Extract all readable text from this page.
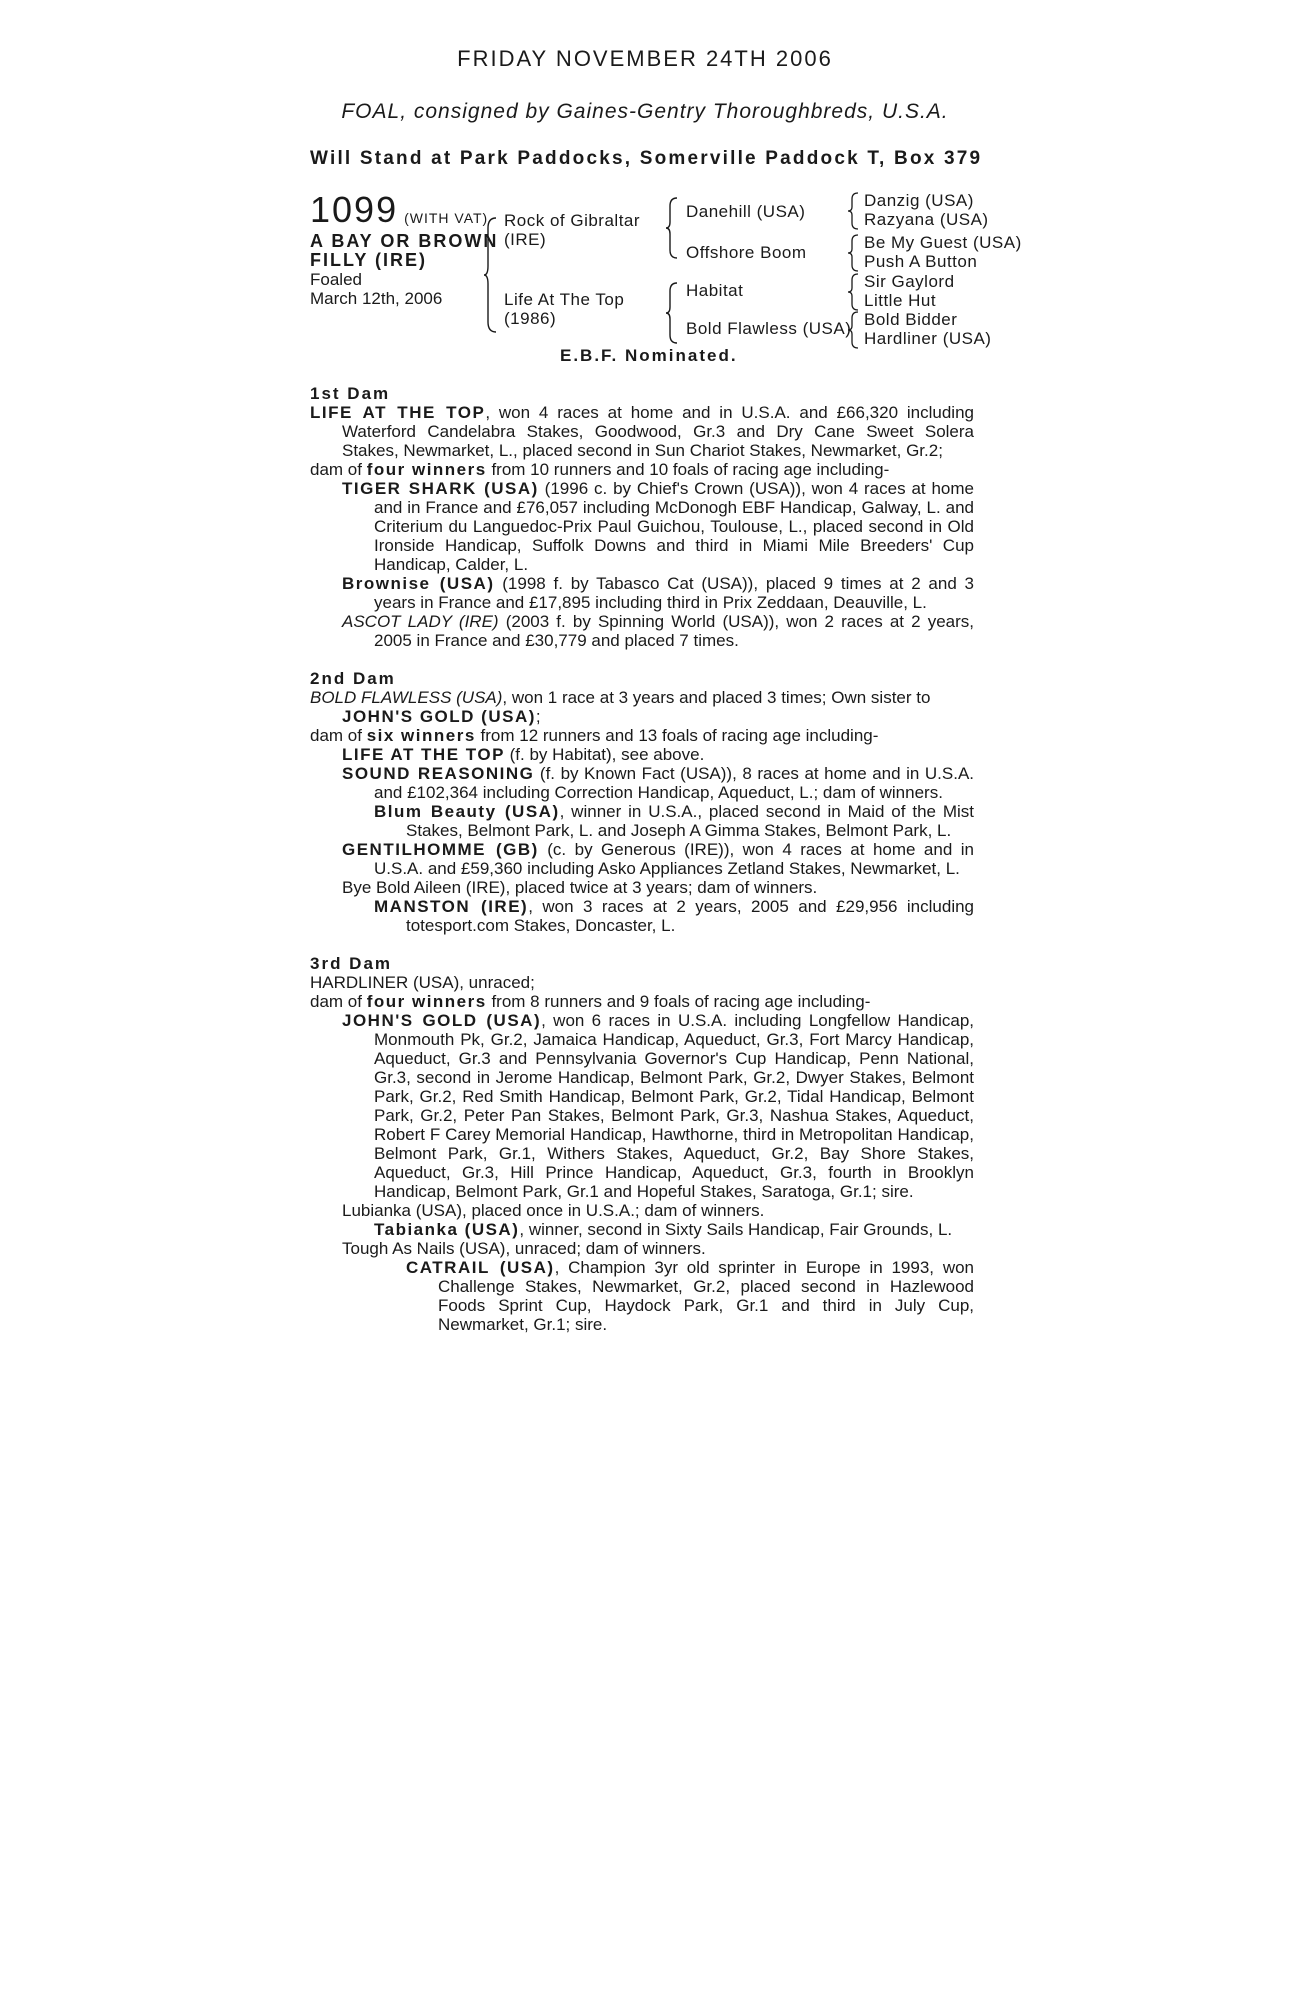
FRIDAY NOVEMBER 24TH 2006
FOAL, consigned by Gaines-Gentry Thoroughbreds, U.S.A.
Will Stand at Park Paddocks, Somerville Paddock T, Box 379
1099 (WITH VAT)
A BAY OR BROWN
FILLY (IRE)
Foaled
March 12th, 2006
Rock of Gibraltar
(IRE)
Life At The Top
(1986)
Danehill (USA)
Offshore Boom
Habitat
Bold Flawless (USA)
Danzig (USA)
Razyana (USA)
Be My Guest (USA)
Push A Button
Sir Gaylord
Little Hut
Bold Bidder
Hardliner (USA)
E.B.F. Nominated.

1st Dam

LIFE AT THE TOP, won 4 races at home and in U.S.A. and £66,320 including Waterford Candelabra Stakes, Goodwood, Gr.3 and Dry Cane Sweet Solera Stakes, Newmarket, L., placed second in Sun Chariot Stakes, Newmarket, Gr.2;

dam of four winners from 10 runners and 10 foals of racing age including-

TIGER SHARK (USA) (1996 c. by Chief's Crown (USA)), won 4 races at home and in France and £76,057 including McDonogh EBF Handicap, Galway, L. and Criterium du Languedoc-Prix Paul Guichou, Toulouse, L., placed second in Old Ironside Handicap, Suffolk Downs and third in Miami Mile Breeders' Cup Handicap, Calder, L.

Brownise (USA) (1998 f. by Tabasco Cat (USA)), placed 9 times at 2 and 3 years in France and £17,895 including third in Prix Zeddaan, Deauville, L.

ASCOT LADY (IRE) (2003 f. by Spinning World (USA)), won 2 races at 2 years, 2005 in France and £30,779 and placed 7 times.

2nd Dam

BOLD FLAWLESS (USA), won 1 race at 3 years and placed 3 times; Own sister to
JOHN'S GOLD (USA);

dam of six winners from 12 runners and 13 foals of racing age including-

LIFE AT THE TOP (f. by Habitat), see above.

SOUND REASONING (f. by Known Fact (USA)), 8 races at home and in U.S.A. and £102,364 including Correction Handicap, Aqueduct, L.; dam of winners.

Blum Beauty (USA), winner in U.S.A., placed second in Maid of the Mist Stakes, Belmont Park, L. and Joseph A Gimma Stakes, Belmont Park, L.

GENTILHOMME (GB) (c. by Generous (IRE)), won 4 races at home and in U.S.A. and £59,360 including Asko Appliances Zetland Stakes, Newmarket, L.

Bye Bold Aileen (IRE), placed twice at 3 years; dam of winners.

MANSTON (IRE), won 3 races at 2 years, 2005 and £29,956 including totesport.com Stakes, Doncaster, L.

3rd Dam

HARDLINER (USA), unraced;

dam of four winners from 8 runners and 9 foals of racing age including-

JOHN'S GOLD (USA), won 6 races in U.S.A. including Longfellow Handicap, Monmouth Pk, Gr.2, Jamaica Handicap, Aqueduct, Gr.3, Fort Marcy Handicap, Aqueduct, Gr.3 and Pennsylvania Governor's Cup Handicap, Penn National, Gr.3, second in Jerome Handicap, Belmont Park, Gr.2, Dwyer Stakes, Belmont Park, Gr.2, Red Smith Handicap, Belmont Park, Gr.2, Tidal Handicap, Belmont Park, Gr.2, Peter Pan Stakes, Belmont Park, Gr.3, Nashua Stakes, Aqueduct, Robert F Carey Memorial Handicap, Hawthorne, third in Metropolitan Handicap, Belmont Park, Gr.1, Withers Stakes, Aqueduct, Gr.2, Bay Shore Stakes, Aqueduct, Gr.3, Hill Prince Handicap, Aqueduct, Gr.3, fourth in Brooklyn Handicap, Belmont Park, Gr.1 and Hopeful Stakes, Saratoga, Gr.1; sire.

Lubianka (USA), placed once in U.S.A.; dam of winners.

Tabianka (USA), winner, second in Sixty Sails Handicap, Fair Grounds, L.

Tough As Nails (USA), unraced; dam of winners.

CATRAIL (USA), Champion 3yr old sprinter in Europe in 1993, won Challenge Stakes, Newmarket, Gr.2, placed second in Hazlewood Foods Sprint Cup, Haydock Park, Gr.1 and third in July Cup, Newmarket, Gr.1; sire.
